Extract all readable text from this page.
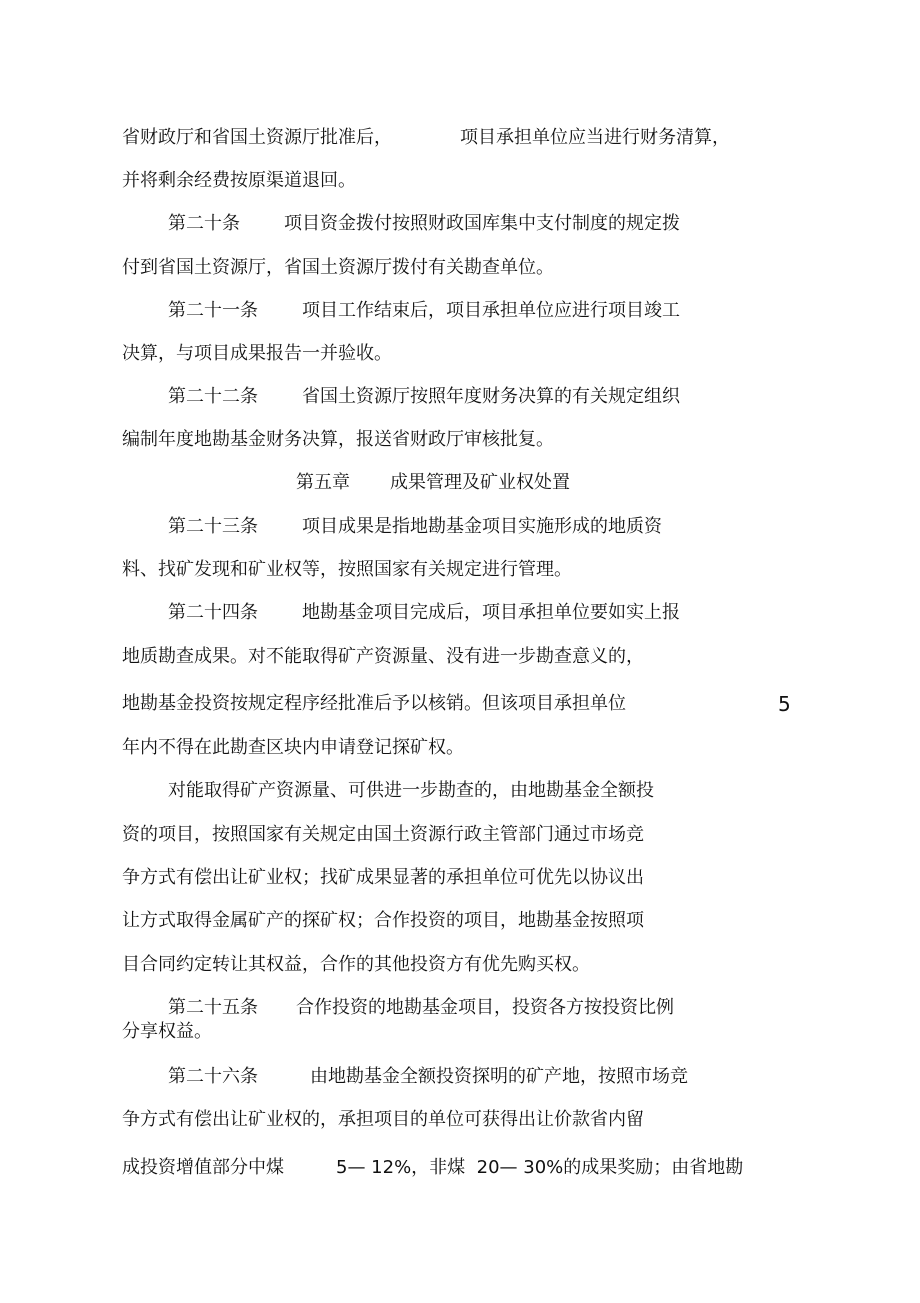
省财政厅和省国土资源厅批准后，	项目承担单位应当进行财务清算，
并将剩余经费按原渠道退回。
第二十条 项目资金拨付按照财政国库集中支付制度的规定拨
付到省国土资源厅，省国土资源厅拨付有关勘查单位。
第二十一条 项目工作结束后，项目承担单位应进行项目竣工
决算，与项目成果报告一并验收。
第二十二条 省国土资源厅按照年度财务决算的有关规定组织
编制年度地勘基金财务决算，报送省财政厅审核批复。
第五章 成果管理及矿业权处置
第二十三条 项目成果是指地勘基金项目实施形成的地质资
料、找矿发现和矿业权等，按照国家有关规定进行管理。
第二十四条 地勘基金项目完成后，项目承担单位要如实上报
地质勘查成果。对不能取得矿产资源量、没有进一步勘查意义的，
地勘基金投资按规定程序经批准后予以核销。但该项目承担单位	5
年内不得在此勘查区块内申请登记探矿权。
对能取得矿产资源量、可供进一步勘查的，由地勘基金全额投
资的项目，按照国家有关规定由国土资源行政主管部门通过市场竞
争方式有偿出让矿业权；找矿成果显著的承担单位可优先以协议出
让方式取得金属矿产的探矿权；合作投资的项目，地勘基金按照项
目合同约定转让其权益，合作的其他投资方有优先购买权。
第二十五条 合作投资的地勘基金项目，投资各方按投资比例
分享权益。
第二十六条	由地勘基金全额投资探明的矿产地，按照市场竞
争方式有偿出让矿业权的，承担项目的单位可获得出让价款省内留
成投资增值部分中煤	5— 12%，非煤  20— 30%的成果奖励；由省地勘
